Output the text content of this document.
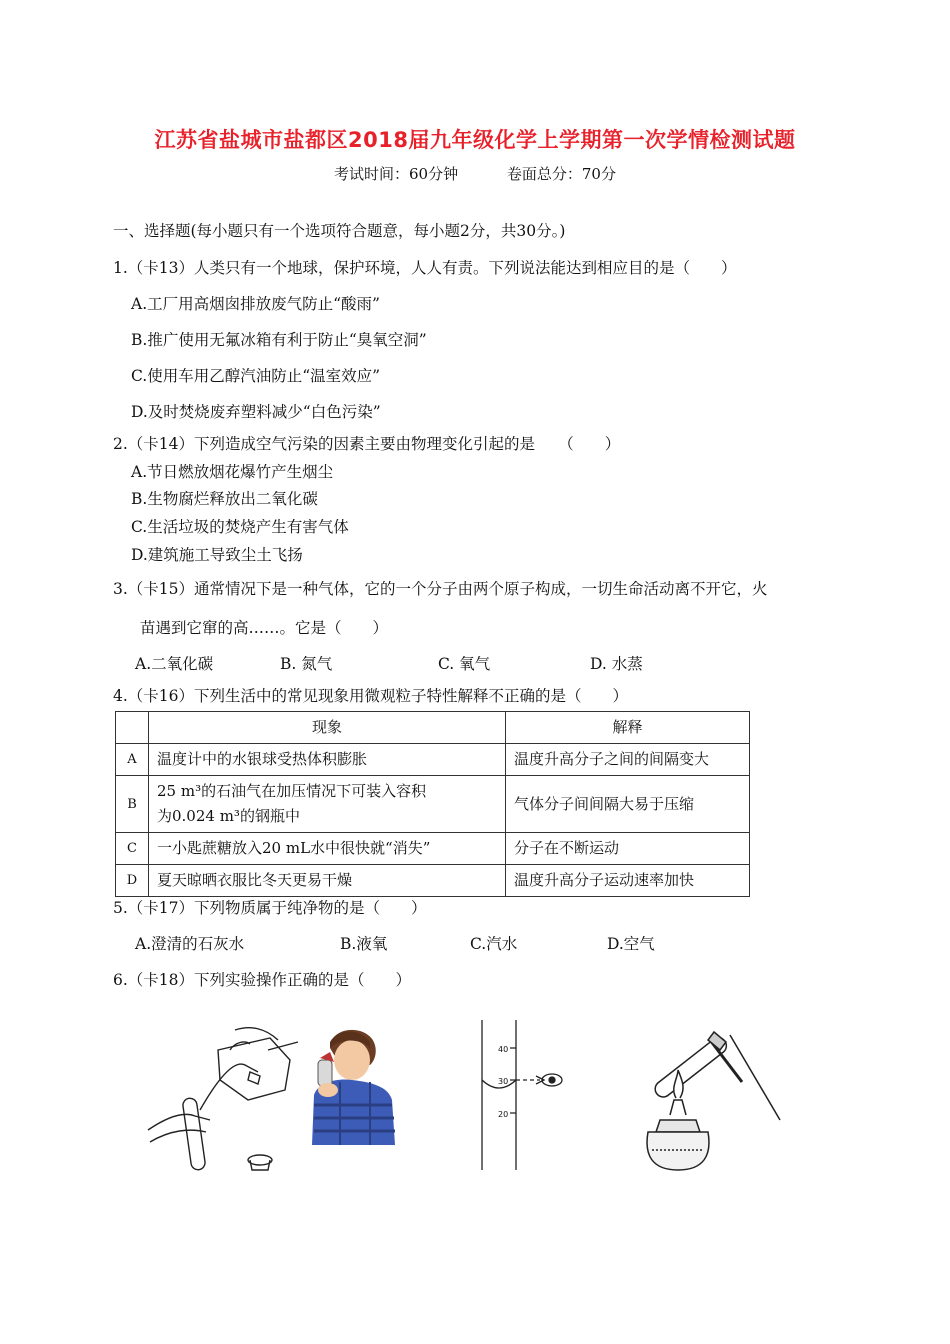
江苏省盐城市盐都区2018届九年级化学上学期第一次学情检测试题
考试时间：60分钟	卷面总分：70分
一、选择题(每小题只有一个选项符合题意，每小题2分，共30分。)
1.（卡13）人类只有一个地球，保护环境，人人有责。下列说法能达到相应目的是（　　）
A.工厂用高烟囱排放废气防止“酸雨”
B.推广使用无氟冰箱有利于防止“臭氧空洞”
C.使用车用乙醇汽油防止“温室效应”
D.及时焚烧废弃塑料减少“白色污染”
2.（卡14）下列造成空气污染的因素主要由物理变化引起的是　　（　　）
A.节日燃放烟花爆竹产生烟尘
B.生物腐烂释放出二氧化碳
C.生活垃圾的焚烧产生有害气体
D.建筑施工导致尘土飞扬
3.（卡15）通常情况下是一种气体，它的一个分子由两个原子构成，一切生命活动离不开它，火
苗遇到它窜的高……。它是（　　）
A.二氧化碳	B. 氮气	C. 氧气	D. 水蒸
4.（卡16）下列生活中的常见现象用微观粒子特性解释不正确的是（　　）
	现象	解释
A	温度计中的水银球受热体积膨胀	温度升高分子之间的间隔变大
B	25 m³的石油气在加压情况下可装入容积
为0.024 m³的钢瓶中	气体分子间间隔大易于压缩
C	一小匙蔗糖放入20 mL水中很快就“消失”	分子在不断运动
D	夏天晾晒衣服比冬天更易干燥	温度升高分子运动速率加快
5.（卡17）下列物质属于纯净物的是（　　）
A.澄清的石灰水	B.液氧	C.汽水	D.空气
6.（卡18）下列实验操作正确的是（　　）
40
30
20
